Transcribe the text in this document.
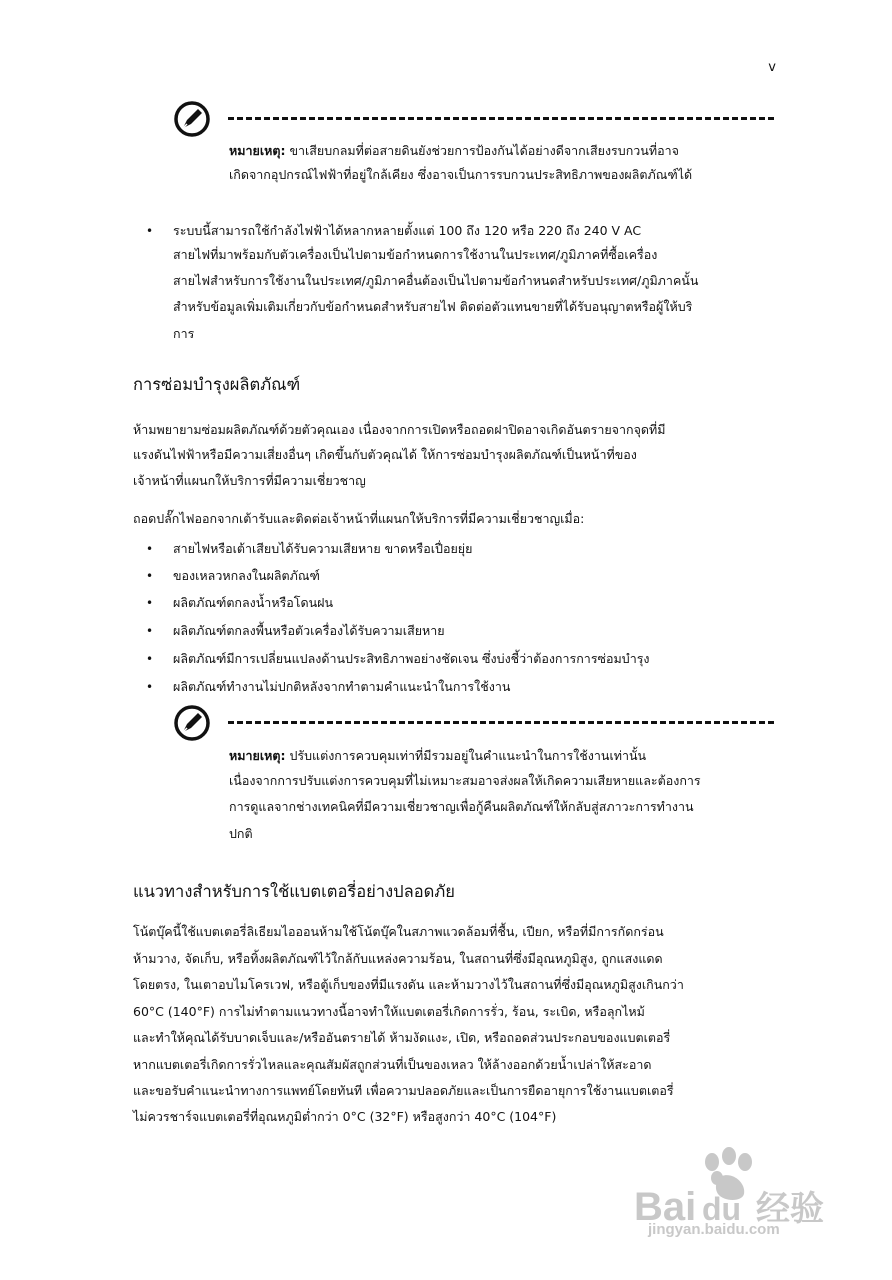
v
หมายเหตุ: ขาเสียบกลมที่ต่อสายดินยังช่วยการป้องกันได้อย่างดีจากเสียงรบกวนที่อาจ
เกิดจากอุปกรณ์ไฟฟ้าที่อยู่ใกล้เคียง ซึ่งอาจเป็นการรบกวนประสิทธิภาพของผลิตภัณฑ์ได้
• ระบบนี้สามารถใช้กำลังไฟฟ้าได้หลากหลายตั้งแต่ 100 ถึง 120 หรือ 220 ถึง 240 V AC
สายไฟที่มาพร้อมกับตัวเครื่องเป็นไปตามข้อกำหนดการใช้งานในประเทศ/ภูมิภาคที่ซื้อเครื่อง
สายไฟสำหรับการใช้งานในประเทศ/ภูมิภาคอื่นต้องเป็นไปตามข้อกำหนดสำหรับประเทศ/ภูมิภาคนั้น
สำหรับข้อมูลเพิ่มเติมเกี่ยวกับข้อกำหนดสำหรับสายไฟ ติดต่อตัวแทนขายที่ได้รับอนุญาตหรือผู้ให้บริ
การ
การซ่อมบำรุงผลิตภัณฑ์
ห้ามพยายามซ่อมผลิตภัณฑ์ด้วยตัวคุณเอง เนื่องจากการเปิดหรือถอดฝาปิดอาจเกิดอันตรายจากจุดที่มี
แรงดันไฟฟ้าหรือมีความเสี่ยงอื่นๆ เกิดขึ้นกับตัวคุณได้ ให้การซ่อมบำรุงผลิตภัณฑ์เป็นหน้าที่ของ
เจ้าหน้าที่แผนกให้บริการที่มีความเชี่ยวชาญ
ถอดปลั๊กไฟออกจากเต้ารับและติดต่อเจ้าหน้าที่แผนกให้บริการที่มีความเชี่ยวชาญเมื่อ:
• สายไฟหรือเต้าเสียบได้รับความเสียหาย ขาดหรือเปื่อยยุ่ย
• ของเหลวหกลงในผลิตภัณฑ์
• ผลิตภัณฑ์ตกลงน้ำหรือโดนฝน
• ผลิตภัณฑ์ตกลงพื้นหรือตัวเครื่องได้รับความเสียหาย
• ผลิตภัณฑ์มีการเปลี่ยนแปลงด้านประสิทธิภาพอย่างชัดเจน ซึ่งบ่งชี้ว่าต้องการการซ่อมบำรุง
• ผลิตภัณฑ์ทำงานไม่ปกติหลังจากทำตามคำแนะนำในการใช้งาน
หมายเหตุ: ปรับแต่งการควบคุมเท่าที่มีรวมอยู่ในคำแนะนำในการใช้งานเท่านั้น
เนื่องจากการปรับแต่งการควบคุมที่ไม่เหมาะสมอาจส่งผลให้เกิดความเสียหายและต้องการ
การดูแลจากช่างเทคนิคที่มีความเชี่ยวชาญเพื่อกู้คืนผลิตภัณฑ์ให้กลับสู่สภาวะการทำงาน
ปกติ
แนวทางสำหรับการใช้แบตเตอรี่อย่างปลอดภัย
โน้ตบุ๊คนี้ใช้แบตเตอรี่ลิเธียมไอออนห้ามใช้โน้ตบุ๊คในสภาพแวดล้อมที่ชื้น, เปียก, หรือที่มีการกัดกร่อน
ห้ามวาง, จัดเก็บ, หรือทิ้งผลิตภัณฑ์ไว้ใกล้กับแหล่งความร้อน, ในสถานที่ซึ่งมีอุณหภูมิสูง, ถูกแสงแดด
โดยตรง, ในเตาอบไมโครเวฟ, หรือตู้เก็บของที่มีแรงดัน และห้ามวางไว้ในสถานที่ซึ่งมีอุณหภูมิสูงเกินกว่า
60°C (140°F) การไม่ทำตามแนวทางนี้อาจทำให้แบตเตอรี่เกิดการรั่ว, ร้อน, ระเบิด, หรือลุกไหม้
และทำให้คุณได้รับบาดเจ็บและ/หรืออันตรายได้ ห้ามงัดแงะ, เปิด, หรือถอดส่วนประกอบของแบตเตอรี่
หากแบตเตอรี่เกิดการรั่วไหลและคุณสัมผัสถูกส่วนที่เป็นของเหลว ให้ล้างออกด้วยน้ำเปล่าให้สะอาด
และขอรับคำแนะนำทางการแพทย์โดยทันที เพื่อความปลอดภัยและเป็นการยืดอายุการใช้งานแบตเตอรี่
ไม่ควรชาร์จแบตเตอรี่ที่อุณหภูมิต่ำกว่า 0°C (32°F) หรือสูงกว่า 40°C (104°F)
Bai du 经验
jingyan.baidu.com
